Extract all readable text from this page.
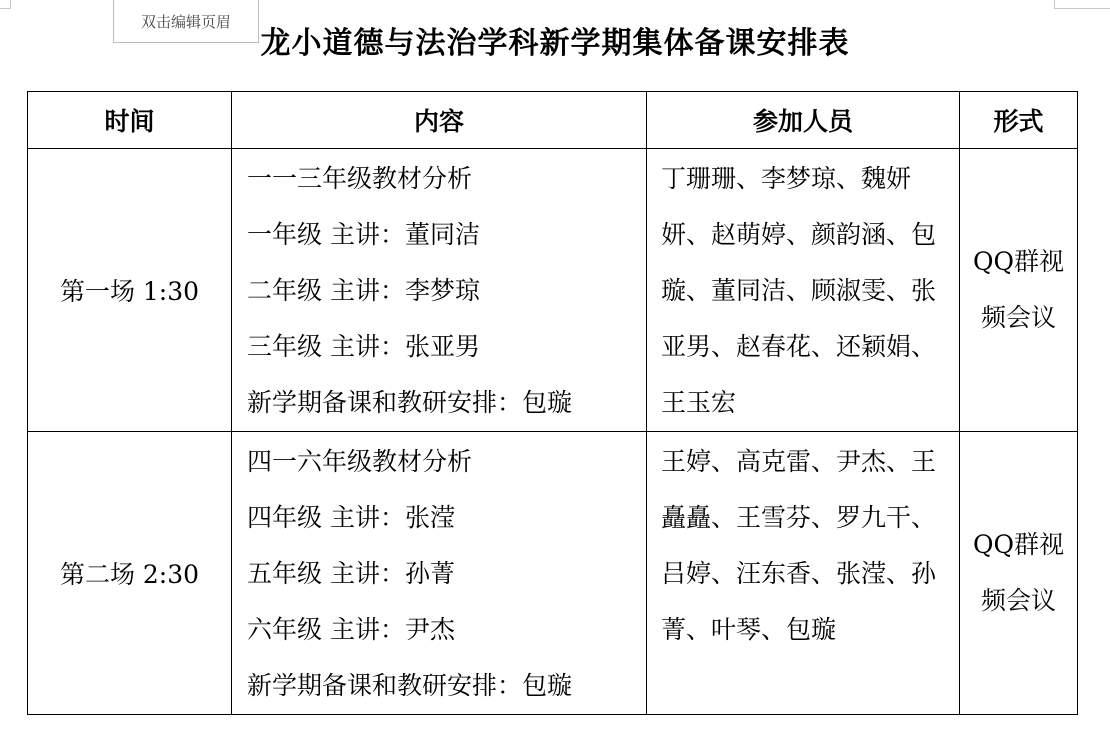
双击编辑页眉
龙小道德与法治学科新学期集体备课安排表
时间	内容	参加人员	形式
第一场 1:30	一一三年级教材分析
一年级 主讲：董同洁
二年级 主讲：李梦琼
三年级 主讲：张亚男
新学期备课和教研安排：包璇	丁珊珊、李梦琼、魏妍妍、赵萌婷、颜韵涵、包璇、董同洁、顾淑雯、张亚男、赵春花、还颖娟、王玉宏	QQ群视频会议
第二场 2:30	四一六年级教材分析
四年级 主讲：张滢
五年级 主讲：孙菁
六年级 主讲：尹杰
新学期备课和教研安排：包璇	王婷、高克雷、尹杰、王矗矗、王雪芬、罗九干、吕婷、汪东香、张滢、孙菁、叶琴、包璇	QQ群视频会议
